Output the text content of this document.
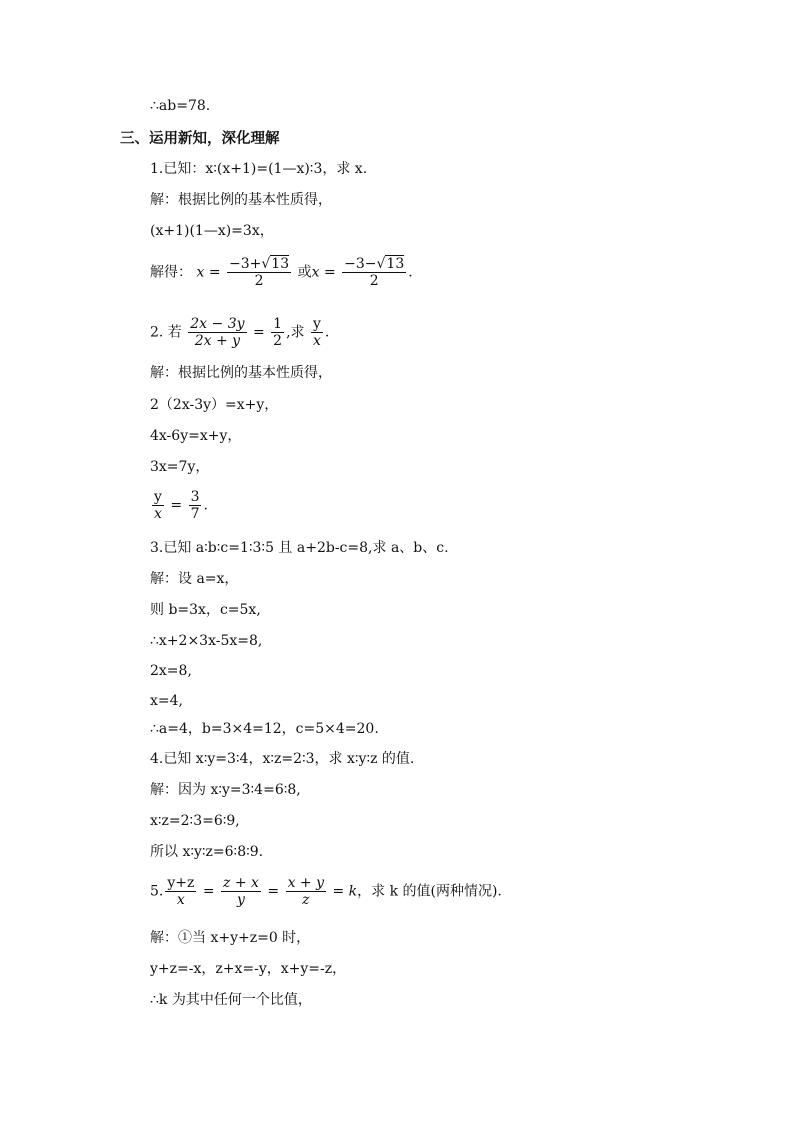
∴ab=78.
三、运用新知，深化理解
1.已知：x∶(x+1)=(1—x)∶3，求 x.
解：根据比例的基本性质得，
(x+1)(1—x)=3x，
解得： $x = \frac{-3+√13}{2}$ 或$x = \frac{-3-√13}{2}$ .
2. 若 $\frac{2x - 3y}{2x + y} = \frac{1}{2}$ ,求 $\frac{y}{x}$ .
解：根据比例的基本性质得，
2（2x-3y）=x+y，
4x-6y=x+y，
3x=7y，
$\frac{y}{x} = \frac{3}{7}$ .
3.已知 a∶b∶c=1∶3∶5 且 a+2b-c=8,求 a、b、c.
解：设 a=x，
则 b=3x，c=5x,
∴x+2×3x-5x=8,
2x=8,
x=4,
∴a=4，b=3×4=12，c=5×4=20.
4.已知 x∶y=3∶4，x∶z=2∶3，求 x∶y∶z 的值.
解：因为 x∶y=3∶4=6∶8,
x∶z=2∶3=6∶9,
所以 x∶y∶z=6∶8∶9.
5. $\frac{y+z}{x} = \frac{z + x}{y} = \frac{x + y}{z} = k$，求 k 的值(两种情况).
解：①当 x+y+z=0 时，
y+z=-x，z+x=-y，x+y=-z，
∴k 为其中任何一个比值，
